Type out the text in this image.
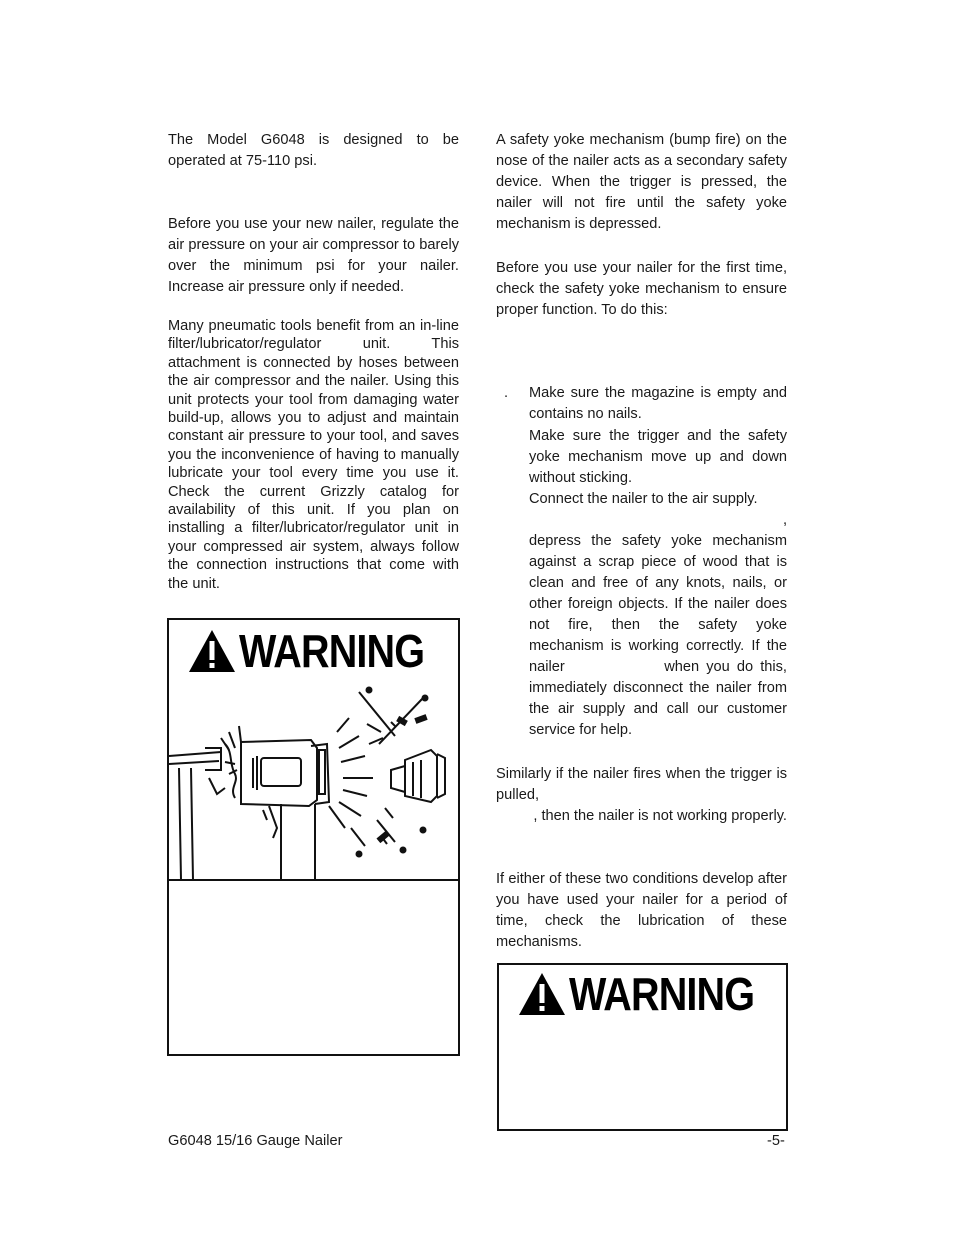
The Model G6048 is designed to be operated at 75-110 psi.

Before you use your new nailer, regulate the air pressure on your air compressor to barely over the minimum psi for your nailer. Increase air pressure only if needed.

Many pneumatic tools benefit from an in-line filter/lubricator/regulator unit. This attachment is connected by hoses between the air compressor and the nailer. Using this unit protects your tool from damaging water build-up, allows you to adjust and maintain constant air pressure to your tool, and saves you the inconvenience of having to manually lubricate your tool every time you use it. Check the current Grizzly catalog for availability of this unit. If you plan on installing a filter/lubricator/regulator unit in your compressed air system, always follow the connection instructions that come with the unit.

WARNING

A safety yoke mechanism (bump fire) on the nose of the nailer acts as a secondary safety device. When the trigger is pressed, the nailer will not fire until the safety yoke mechanism is depressed.

Before you use your nailer for the first time, check the safety yoke mechanism to ensure proper function. To do this:

. Make sure the magazine is empty and contains no nails.
Make sure the trigger and the safety yoke mechanism move up and down without sticking.
Connect the nailer to the air supply.
,
depress the safety yoke mechanism against a scrap piece of wood that is clean and free of any knots, nails, or other foreign objects. If the nailer does not fire, then the safety yoke mechanism is working correctly. If the nailer              when you do this, immediately disconnect the nailer from the air supply and call our customer service for help.

Similarly if the nailer fires when the trigger is pulled,

, then the nailer is not working properly.

If either of these two conditions develop after you have used your nailer for a period of time, check the lubrication of these mechanisms.

WARNING
G6048 15/16 Gauge Nailer	-5-
